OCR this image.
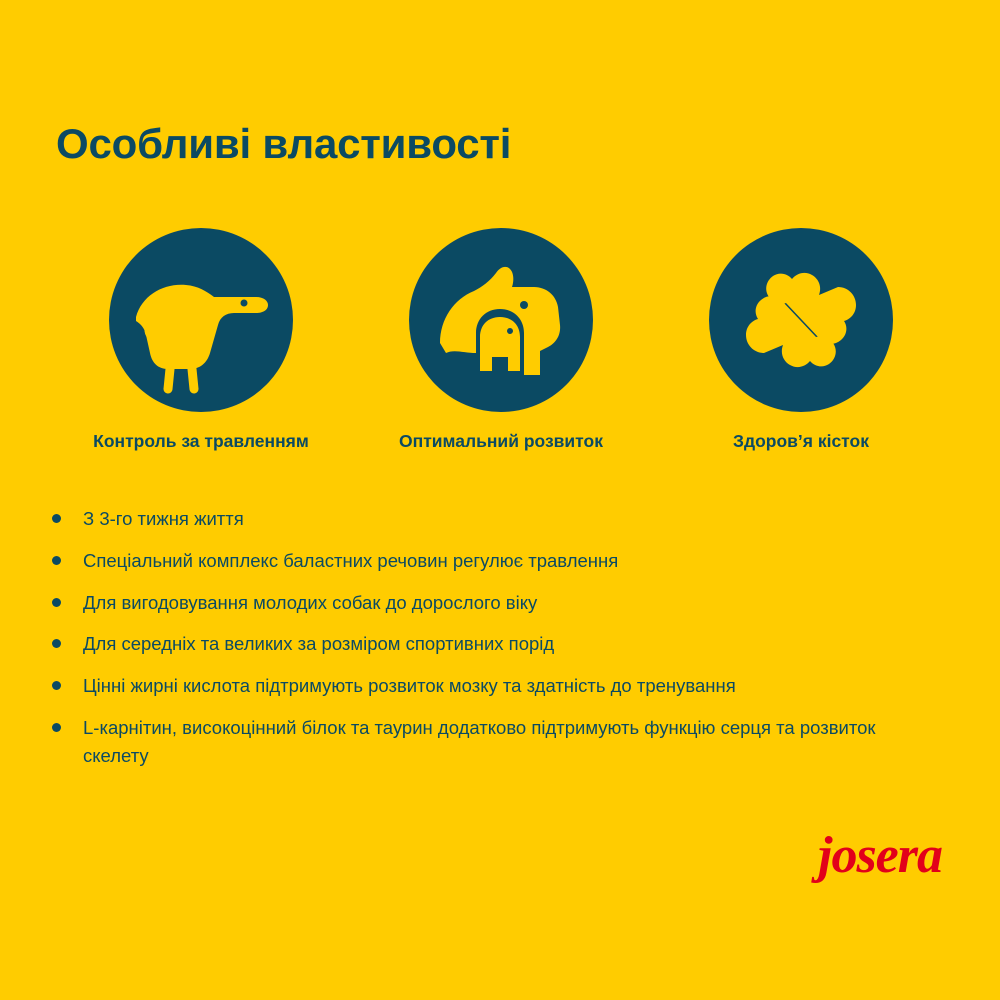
Особливі властивості
Контроль за травленням	Оптимальний розвиток	Здоров’я кісток
З 3-го тижня життя
Спеціальний комплекс баластних речовин регулює травлення
Для вигодовування молодих собак до дорослого віку
Для середніх та великих за розміром спортивних порід
Цінні жирні кислота підтримують розвиток мозку та здатність до тренування
L-карнітин, високоцінний білок та таурин додатково підтримують функцію серця та розвиток скелету
josera
